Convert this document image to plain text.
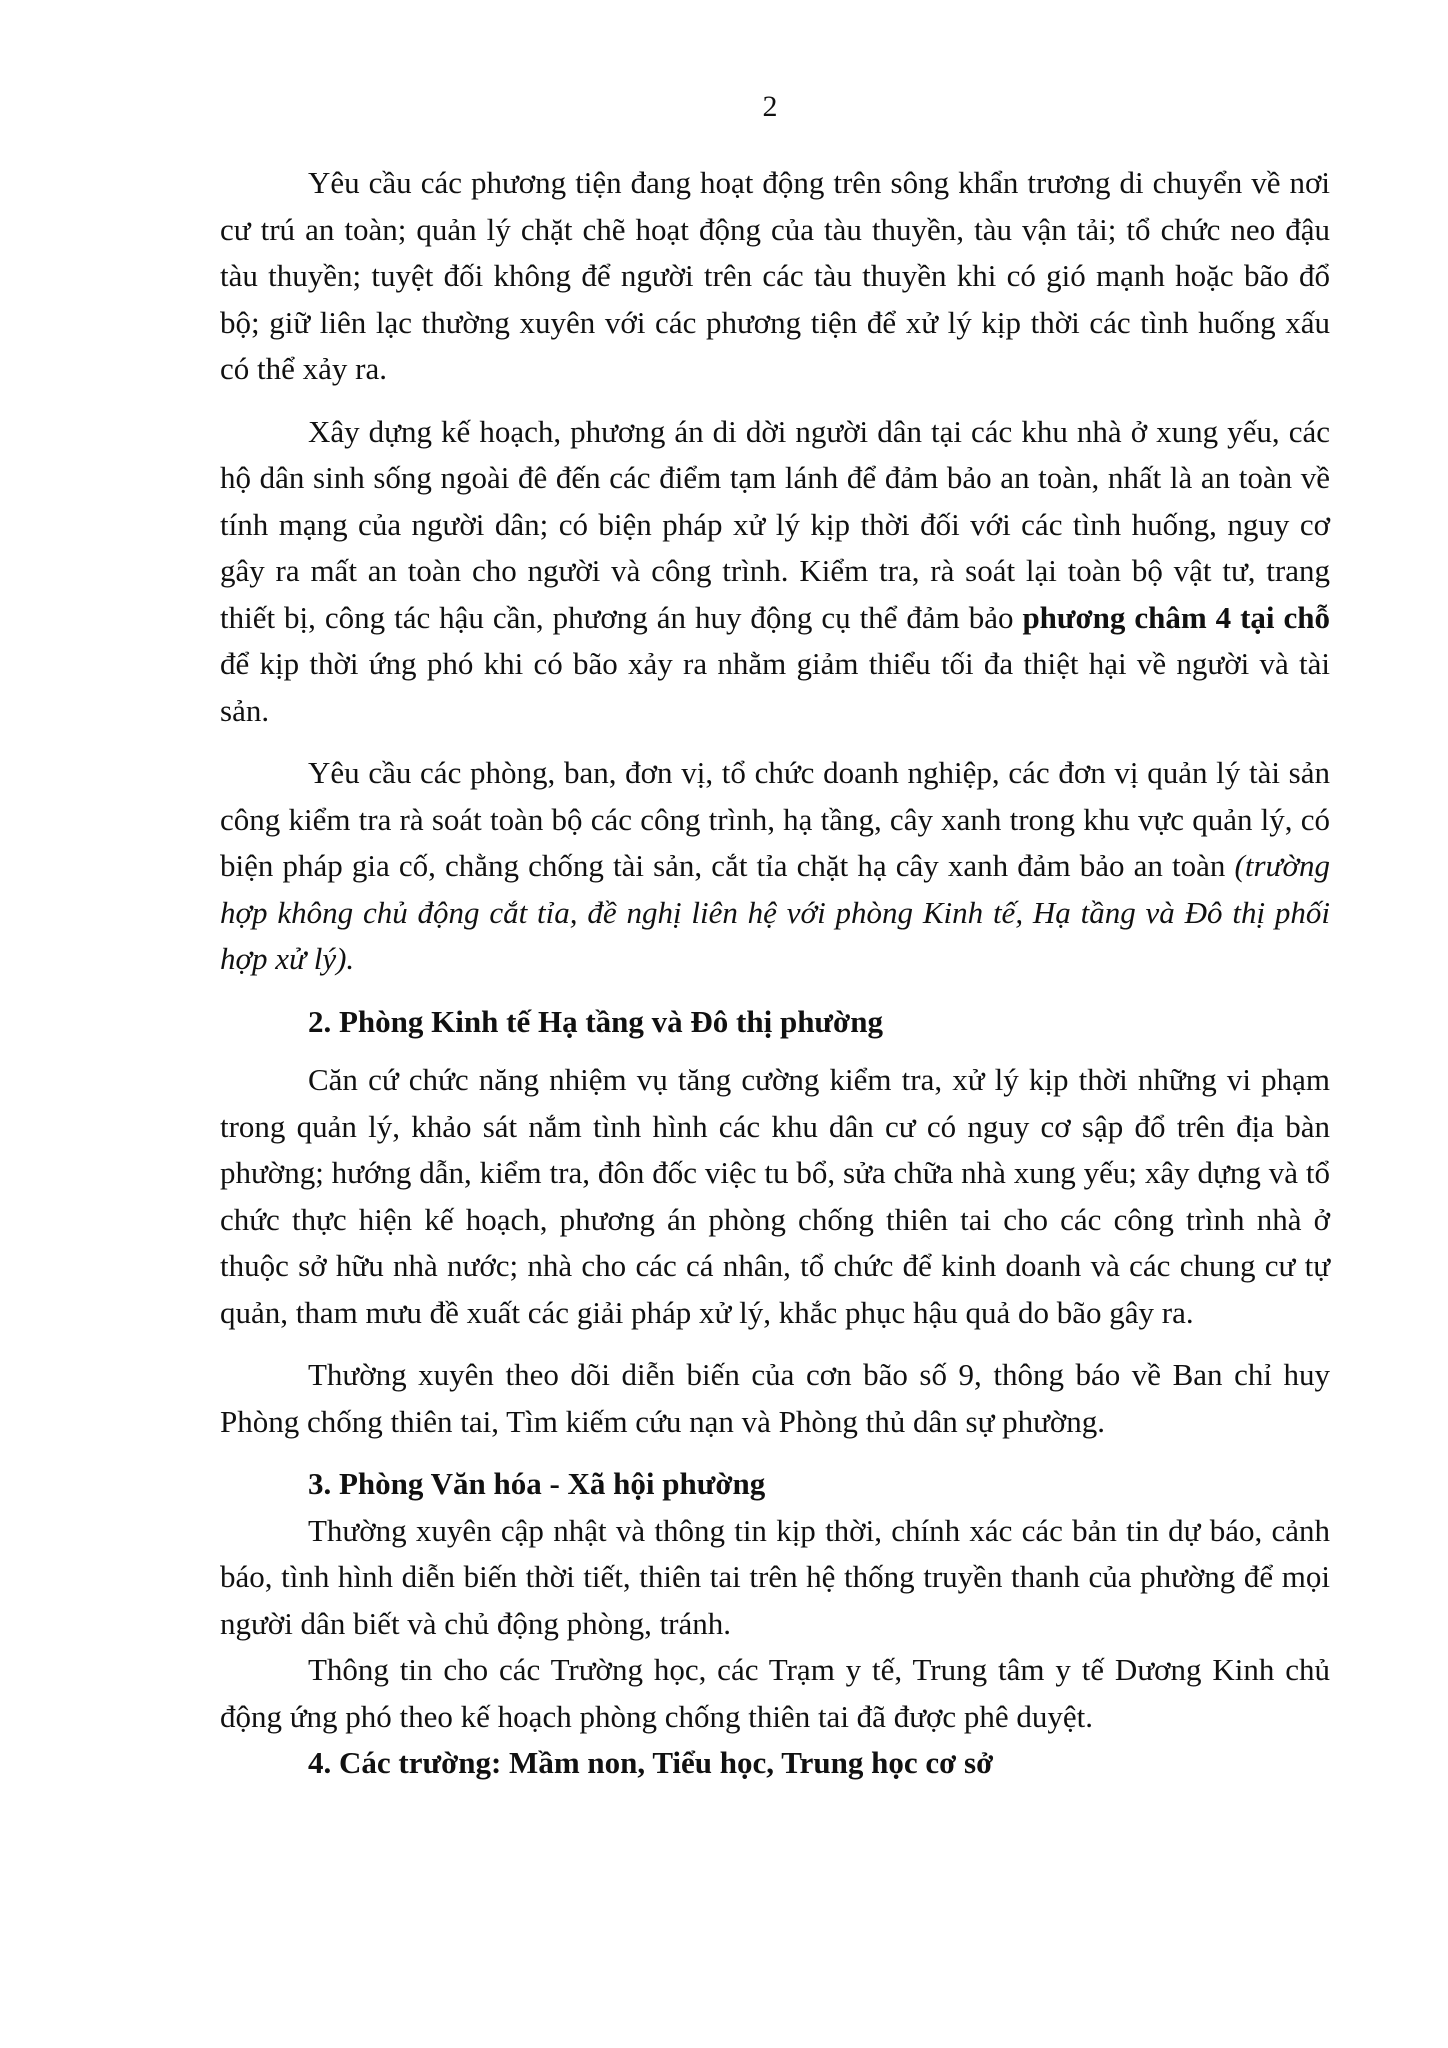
2

Yêu cầu các phương tiện đang hoạt động trên sông khẩn trương di chuyển về nơi cư trú an toàn; quản lý chặt chẽ hoạt động của tàu thuyền, tàu vận tải; tổ chức neo đậu tàu thuyền; tuyệt đối không để người trên các tàu thuyền khi có gió mạnh hoặc bão đổ bộ; giữ liên lạc thường xuyên với các phương tiện để xử lý kịp thời các tình huống xấu có thể xảy ra.

Xây dựng kế hoạch, phương án di dời người dân tại các khu nhà ở xung yếu, các hộ dân sinh sống ngoài đê đến các điểm tạm lánh để đảm bảo an toàn, nhất là an toàn về tính mạng của người dân; có biện pháp xử lý kịp thời đối với các tình huống, nguy cơ gây ra mất an toàn cho người và công trình. Kiểm tra, rà soát lại toàn bộ vật tư, trang thiết bị, công tác hậu cần, phương án huy động cụ thể đảm bảo phương châm 4 tại chỗ để kịp thời ứng phó khi có bão xảy ra nhằm giảm thiểu tối đa thiệt hại về người và tài sản.

Yêu cầu các phòng, ban, đơn vị, tổ chức doanh nghiệp, các đơn vị quản lý tài sản công kiểm tra rà soát toàn bộ các công trình, hạ tầng, cây xanh trong khu vực quản lý, có biện pháp gia cố, chằng chống tài sản, cắt tỉa chặt hạ cây xanh đảm bảo an toàn (trường hợp không chủ động cắt tỉa, đề nghị liên hệ với phòng Kinh tế, Hạ tầng và Đô thị phối hợp xử lý).

2. Phòng Kinh tế Hạ tầng và Đô thị phường

Căn cứ chức năng nhiệm vụ tăng cường kiểm tra, xử lý kịp thời những vi phạm trong quản lý, khảo sát nắm tình hình các khu dân cư có nguy cơ sập đổ trên địa bàn phường; hướng dẫn, kiểm tra, đôn đốc việc tu bổ, sửa chữa nhà xung yếu; xây dựng và tổ chức thực hiện kế hoạch, phương án phòng chống thiên tai cho các công trình nhà ở thuộc sở hữu nhà nước; nhà cho các cá nhân, tổ chức để kinh doanh và các chung cư tự quản, tham mưu đề xuất các giải pháp xử lý, khắc phục hậu quả do bão gây ra.

Thường xuyên theo dõi diễn biến của cơn bão số 9, thông báo về Ban chỉ huy Phòng chống thiên tai, Tìm kiếm cứu nạn và Phòng thủ dân sự phường.

3. Phòng Văn hóa - Xã hội phường

Thường xuyên cập nhật và thông tin kịp thời, chính xác các bản tin dự báo, cảnh báo, tình hình diễn biến thời tiết, thiên tai trên hệ thống truyền thanh của phường để mọi người dân biết và chủ động phòng, tránh.

Thông tin cho các Trường học, các Trạm y tế, Trung tâm y tế Dương Kinh chủ động ứng phó theo kế hoạch phòng chống thiên tai đã được phê duyệt.

4. Các trường: Mầm non, Tiểu học, Trung học cơ sở
